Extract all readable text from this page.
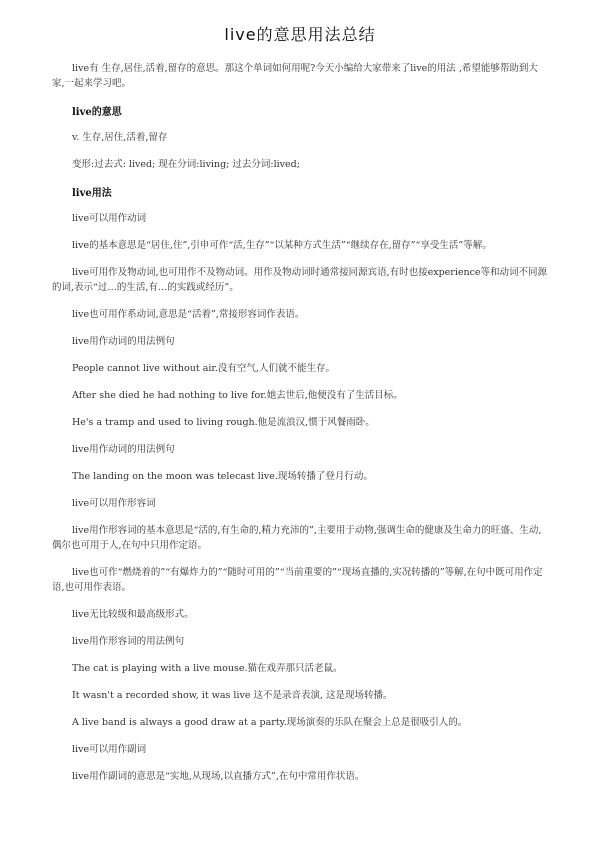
live的意思用法总结

live有 生存,居住,活着,留存的意思。那这个单词如何用呢?今天小编给大家带来了live的用法 ,希望能够帮助到大家,一起来学习吧。

live的意思

v. 生存,居住,活着,留存

变形:过去式: lived; 现在分词:living; 过去分词:lived;

live用法

live可以用作动词

live的基本意思是“居住,住”,引申可作“活,生存”“以某种方式生活”“继续存在,留存”“享受生活”等解。

live可用作及物动词,也可用作不及物动词。用作及物动词时通常接同源宾语,有时也接experience等和动词不同源的词,表示“过…的生活,有…的实践或经历”。

live也可用作系动词,意思是“活着”,常接形容词作表语。

live用作动词的用法例句

People cannot live without air.没有空气,人们就不能生存。

After she died he had nothing to live for.她去世后,他便没有了生活目标。

He's a tramp and used to living rough.他是流浪汉,惯于风餐雨卧。

live用作动词的用法例句

The landing on the moon was telecast live.现场转播了登月行动。

live可以用作形容词

live用作形容词的基本意思是“活的,有生命的,精力充沛的”,主要用于动物,强调生命的健康及生命力的旺盛、生动,偶尔也可用于人,在句中只用作定语。

live也可作“燃烧着的”“有爆炸力的”“随时可用的”“当前重要的”“现场直播的,实况转播的”等解,在句中既可用作定语,也可用作表语。

live无比较级和最高级形式。

live用作形容词的用法例句

The cat is playing with a live mouse.猫在戏弄那只活老鼠。

It wasn't a recorded show, it was live 这不是录音表演, 这是现场转播。

A live band is always a good draw at a party.现场演奏的乐队在聚会上总是很吸引人的。

live可以用作副词

live用作副词的意思是“实地,从现场,以直播方式”,在句中常用作状语。
